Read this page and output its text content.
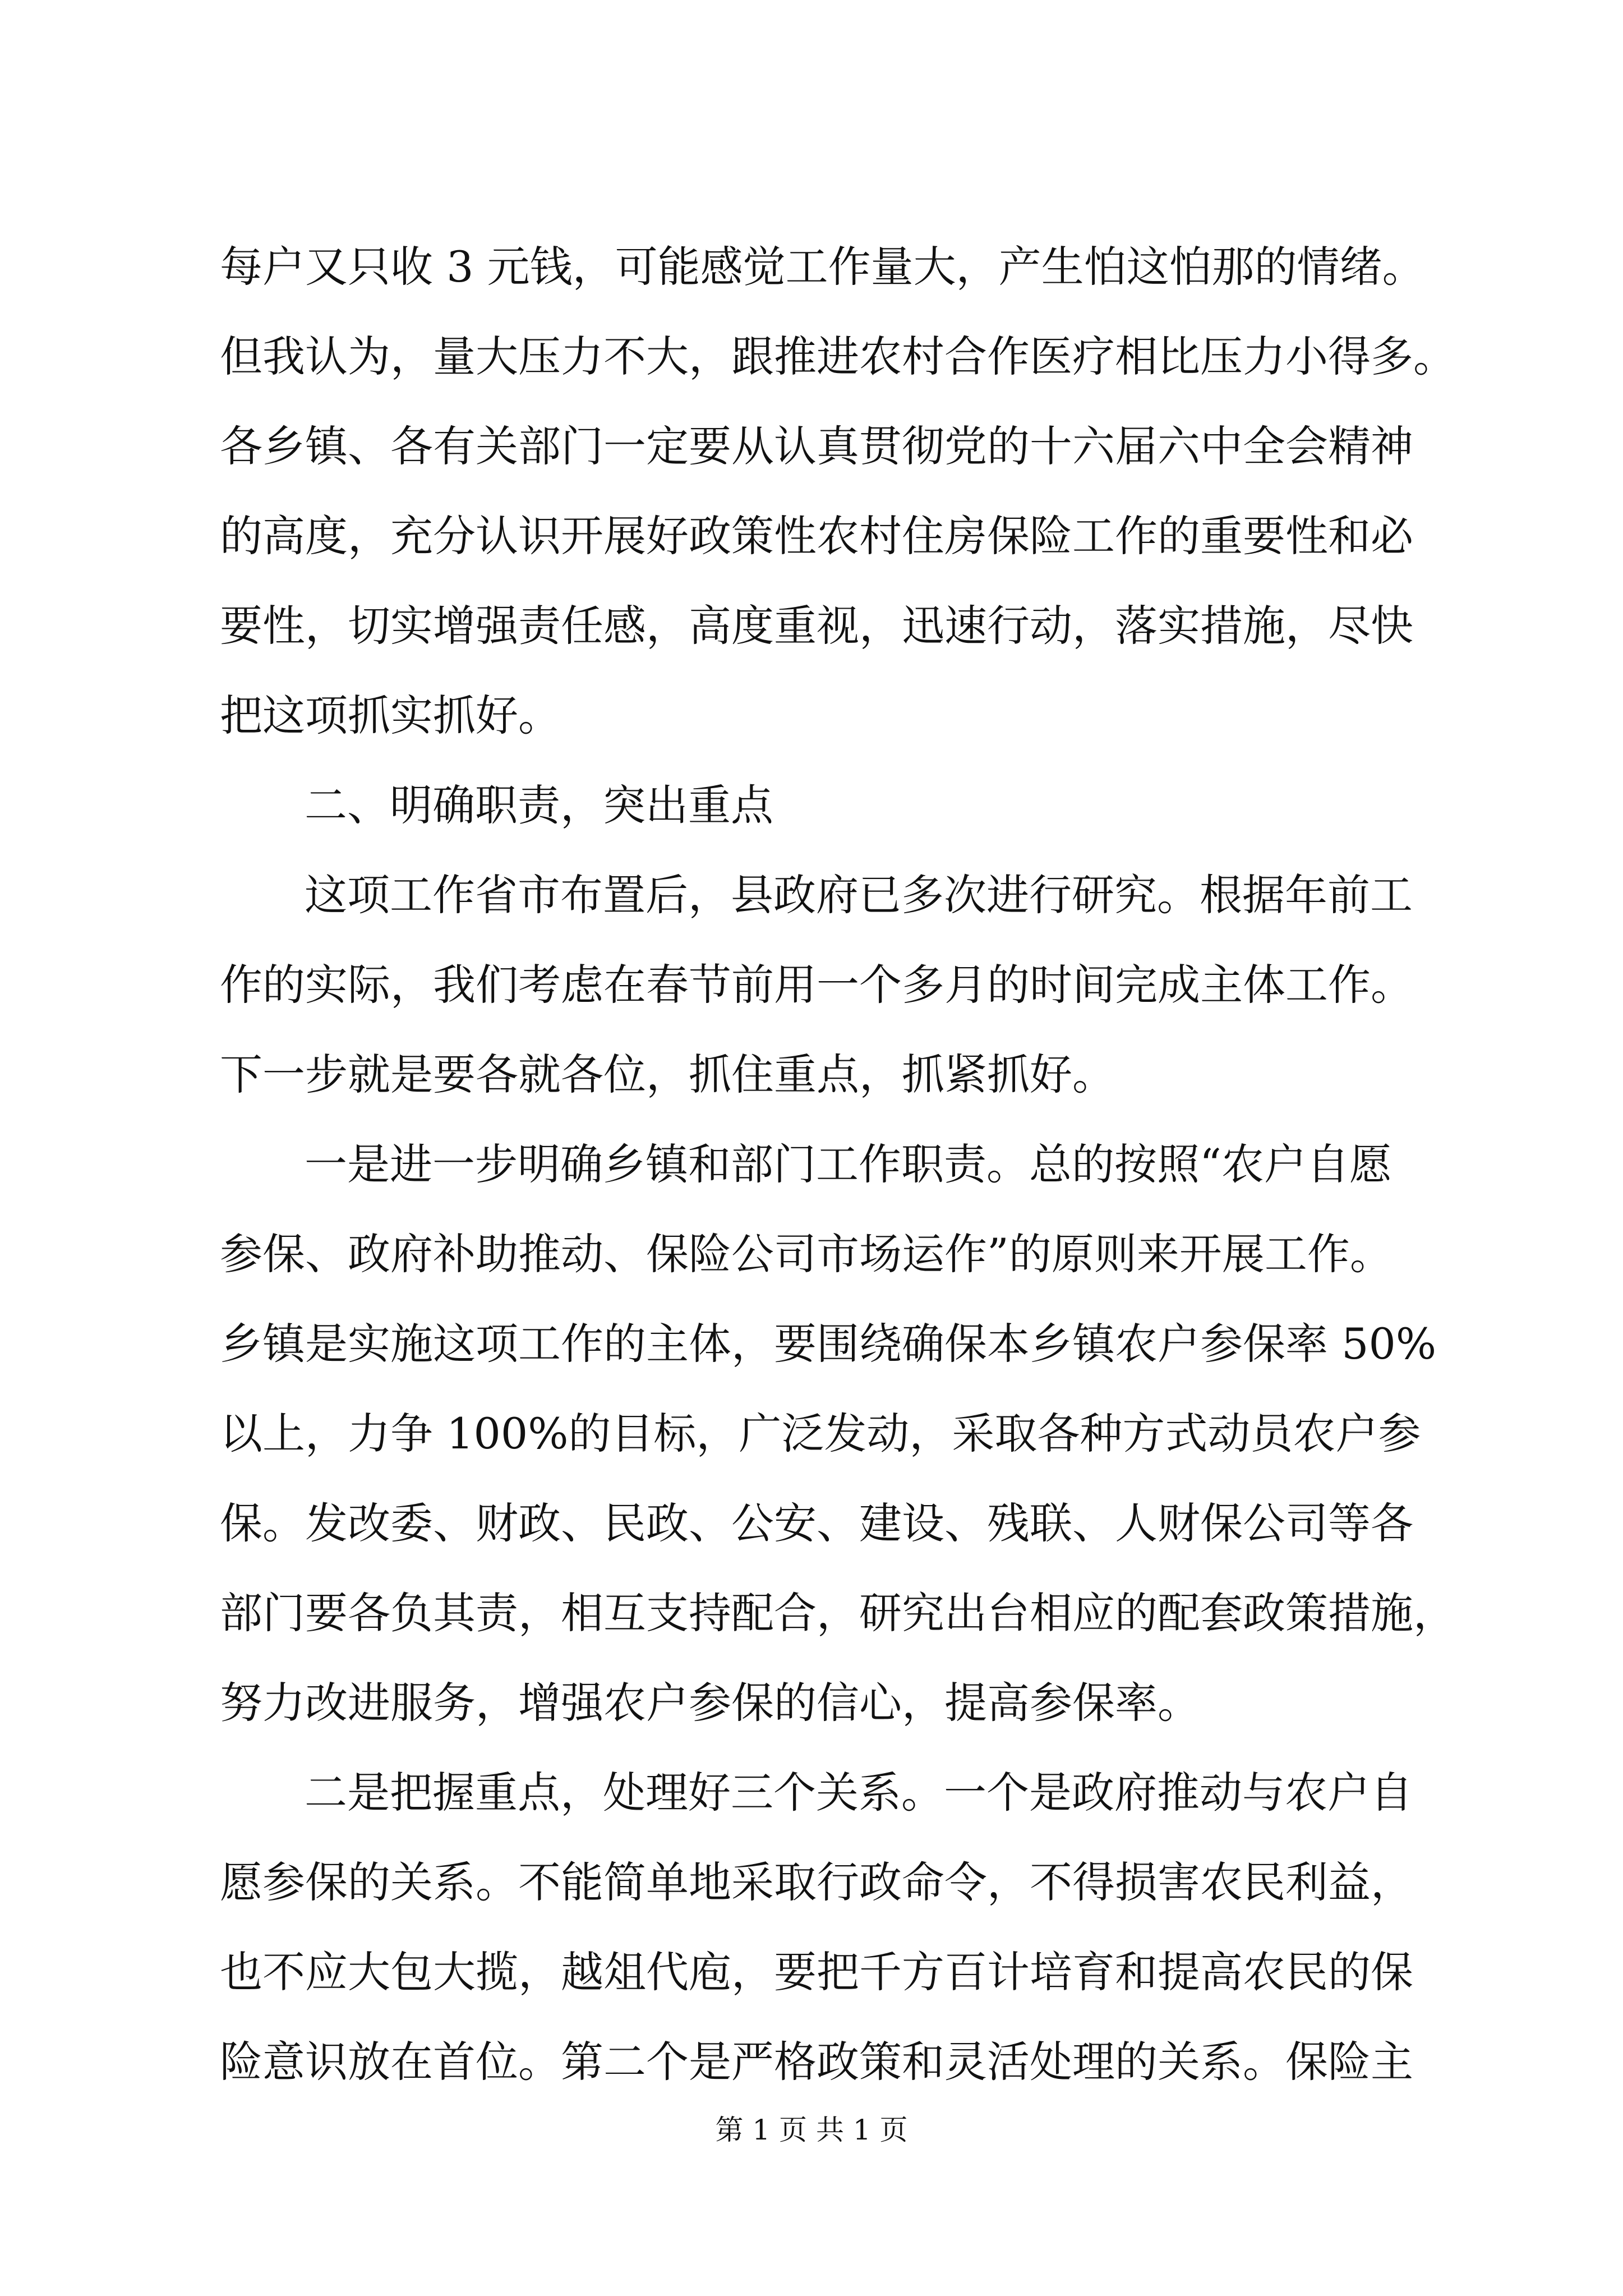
每户又只收 3 元钱，可能感觉工作量大，产生怕这怕那的情绪。
但我认为，量大压力不大，跟推进农村合作医疗相比压力小得多。
各乡镇、各有关部门一定要从认真贯彻党的十六届六中全会精神
的高度，充分认识开展好政策性农村住房保险工作的重要性和必
要性，切实增强责任感，高度重视，迅速行动，落实措施，尽快
把这项抓实抓好。
二、明确职责，突出重点
这项工作省市布置后，县政府已多次进行研究。根据年前工
作的实际，我们考虑在春节前用一个多月的时间完成主体工作。
下一步就是要各就各位，抓住重点，抓紧抓好。
一是进一步明确乡镇和部门工作职责。总的按照“农户自愿
参保、政府补助推动、保险公司市场运作”的原则来开展工作。
乡镇是实施这项工作的主体，要围绕确保本乡镇农户参保率 50%
以上，力争 100%的目标，广泛发动，采取各种方式动员农户参
保。发改委、财政、民政、公安、建设、残联、人财保公司等各
部门要各负其责，相互支持配合，研究出台相应的配套政策措施，
努力改进服务，增强农户参保的信心，提高参保率。
二是把握重点，处理好三个关系。一个是政府推动与农户自
愿参保的关系。不能简单地采取行政命令，不得损害农民利益，
也不应大包大揽，越俎代庖，要把千方百计培育和提高农民的保
险意识放在首位。第二个是严格政策和灵活处理的关系。保险主
第 1 页 共 1 页
